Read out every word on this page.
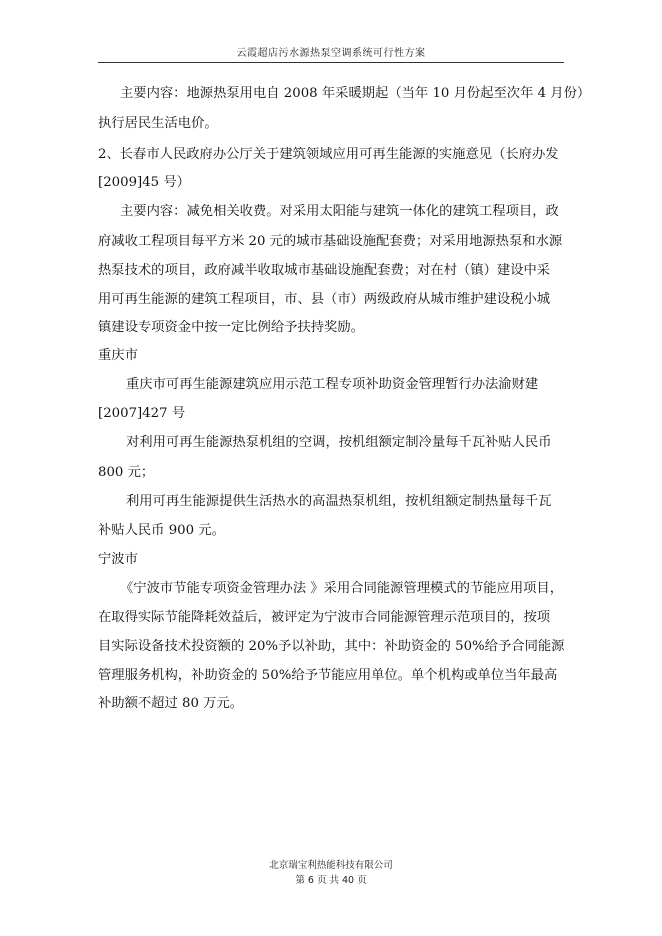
云霞超店污水源热泵空调系统可行性方案
主要内容：地源热泵用电自 2008 年采暖期起（当年 10 月份起至次年 4 月份）
执行居民生活电价。
2、长春市人民政府办公厅关于建筑领域应用可再生能源的实施意见（长府办发
[2009]45 号）
主要内容：减免相关收费。对采用太阳能与建筑一体化的建筑工程项目，政
府减收工程项目每平方米 20 元的城市基础设施配套费；对采用地源热泵和水源
热泵技术的项目，政府减半收取城市基础设施配套费；对在村（镇）建设中采
用可再生能源的建筑工程项目，市、县（市）两级政府从城市维护建设税小城
镇建设专项资金中按一定比例给予扶持奖励。
重庆市
重庆市可再生能源建筑应用示范工程专项补助资金管理暂行办法渝财建
[2007]427 号
对利用可再生能源热泵机组的空调，按机组额定制冷量每千瓦补贴人民币
800 元；
利用可再生能源提供生活热水的高温热泵机组，按机组额定制热量每千瓦
补贴人民币 900 元。
宁波市
《宁波市节能专项资金管理办法 》采用合同能源管理模式的节能应用项目，
在取得实际节能降耗效益后，被评定为宁波市合同能源管理示范项目的，按项
目实际设备技术投资额的 20%予以补助，其中：补助资金的 50%给予合同能源
管理服务机构，补助资金的 50%给予节能应用单位。单个机构或单位当年最高
补助额不超过 80 万元。
北京瑞宝利热能科技有限公司
第 6 页 共 40 页
